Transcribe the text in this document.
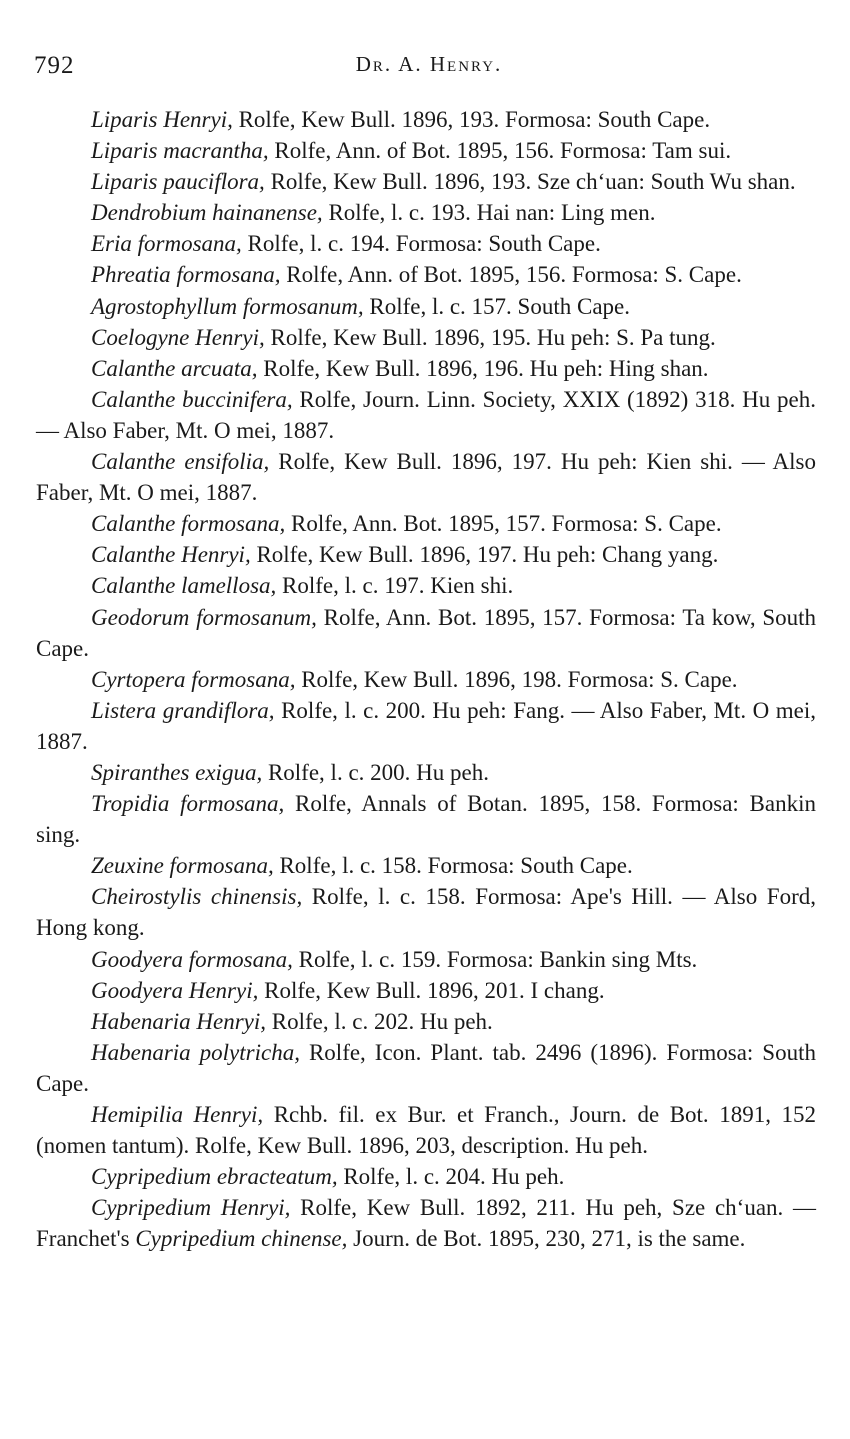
792	Dr. A. Henry.

Liparis Henryi, Rolfe, Kew Bull. 1896, 193. Formosa: South Cape.

Liparis macrantha, Rolfe, Ann. of Bot. 1895, 156. Formosa: Tam sui.

Liparis pauciflora, Rolfe, Kew Bull. 1896, 193. Sze ch‘uan: South Wu shan.

Dendrobium hainanense, Rolfe, l. c. 193. Hai nan: Ling men.

Eria formosana, Rolfe, l. c. 194. Formosa: South Cape.

Phreatia formosana, Rolfe, Ann. of Bot. 1895, 156. Formosa: S. Cape.

Agrostophyllum formosanum, Rolfe, l. c. 157. South Cape.

Coelogyne Henryi, Rolfe, Kew Bull. 1896, 195. Hu peh: S. Pa tung.

Calanthe arcuata, Rolfe, Kew Bull. 1896, 196. Hu peh: Hing shan.

Calanthe buccinifera, Rolfe, Journ. Linn. Society, XXIX (1892) 318. Hu peh. — Also Faber, Mt. O mei, 1887.

Calanthe ensifolia, Rolfe, Kew Bull. 1896, 197. Hu peh: Kien shi. — Also Faber, Mt. O mei, 1887.

Calanthe formosana, Rolfe, Ann. Bot. 1895, 157. Formosa: S. Cape.

Calanthe Henryi, Rolfe, Kew Bull. 1896, 197. Hu peh: Chang yang.

Calanthe lamellosa, Rolfe, l. c. 197. Kien shi.

Geodorum formosanum, Rolfe, Ann. Bot. 1895, 157. Formosa: Ta kow, South Cape.

Cyrtopera formosana, Rolfe, Kew Bull. 1896, 198. Formosa: S. Cape.

Listera grandiflora, Rolfe, l. c. 200. Hu peh: Fang. — Also Faber, Mt. O mei, 1887.

Spiranthes exigua, Rolfe, l. c. 200. Hu peh.

Tropidia formosana, Rolfe, Annals of Botan. 1895, 158. Formosa: Bankin sing.

Zeuxine formosana, Rolfe, l. c. 158. Formosa: South Cape.

Cheirostylis chinensis, Rolfe, l. c. 158. Formosa: Ape's Hill. — Also Ford, Hong kong.

Goodyera formosana, Rolfe, l. c. 159. Formosa: Bankin sing Mts.

Goodyera Henryi, Rolfe, Kew Bull. 1896, 201. I chang.

Habenaria Henryi, Rolfe, l. c. 202. Hu peh.

Habenaria polytricha, Rolfe, Icon. Plant. tab. 2496 (1896). Formosa: South Cape.

Hemipilia Henryi, Rchb. fil. ex Bur. et Franch., Journ. de Bot. 1891, 152 (nomen tantum). Rolfe, Kew Bull. 1896, 203, description. Hu peh.

Cypripedium ebracteatum, Rolfe, l. c. 204. Hu peh.

Cypripedium Henryi, Rolfe, Kew Bull. 1892, 211. Hu peh, Sze ch‘uan. — Franchet's Cypripedium chinense, Journ. de Bot. 1895, 230, 271, is the same.
